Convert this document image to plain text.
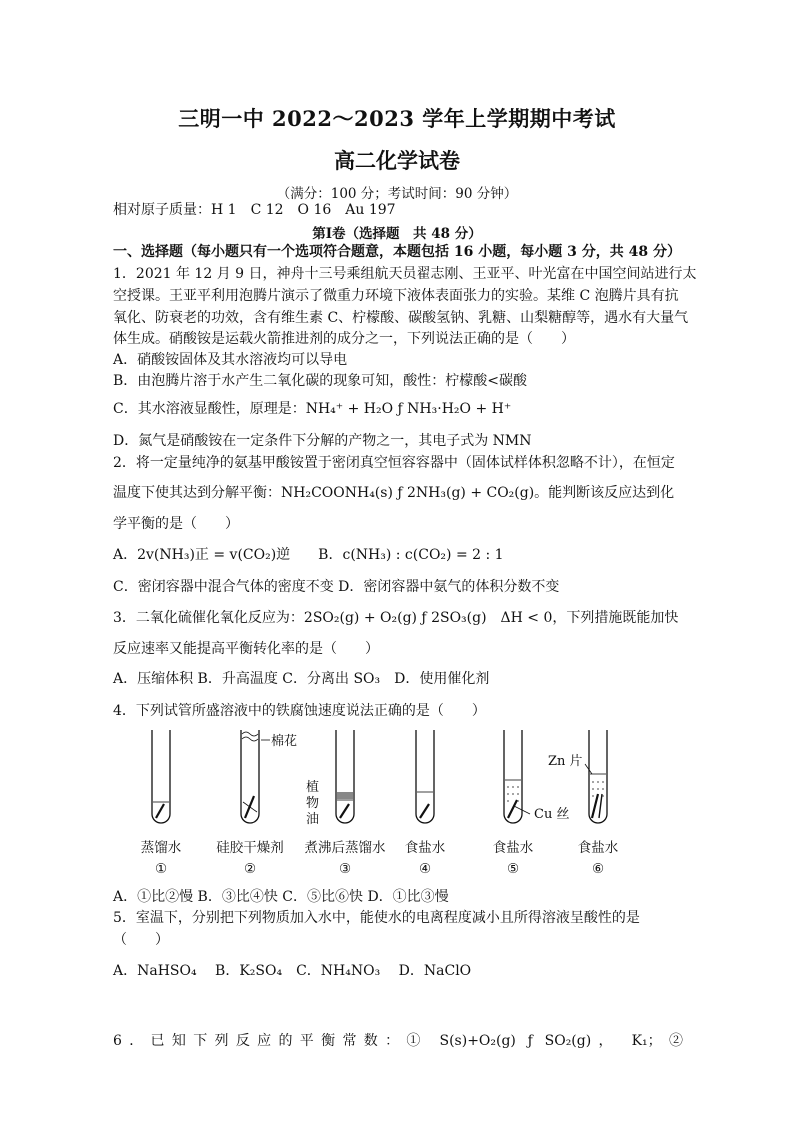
三明一中 2022～2023 学年上学期期中考试
高二化学试卷
（满分：100 分；考试时间：90 分钟）
相对原子质量：H 1　C 12　O 16　Au 197
第Ⅰ卷（选择题　共 48 分）
一、选择题（每小题只有一个选项符合题意，本题包括 16 小题，每小题 3 分，共 48 分）
1．2021 年 12 月 9 日，神舟十三号乘组航天员翟志刚、王亚平、叶光富在中国空间站进行太
空授课。王亚平利用泡腾片演示了微重力环境下液体表面张力的实验。某维 C 泡腾片具有抗
氧化、防衰老的功效，含有维生素 C、柠檬酸、碳酸氢钠、乳糖、山梨糖醇等，遇水有大量气
体生成。硝酸铵是运载火箭推进剂的成分之一，下列说法正确的是（　　）
A．硝酸铵固体及其水溶液均可以导电
B．由泡腾片溶于水产生二氧化碳的现象可知，酸性：柠檬酸<碳酸
C．其水溶液显酸性，原理是：NH₄⁺ + H₂O ƒ NH₃·H₂O + H⁺
D．氮气是硝酸铵在一定条件下分解的产物之一，其电子式为 NMN
2．将一定量纯净的氨基甲酸铵置于密闭真空恒容容器中（固体试样体积忽略不计），在恒定
温度下使其达到分解平衡：NH₂COONH₄(s) ƒ 2NH₃(g) + CO₂(g)。能判断该反应达到化
学平衡的是（　　）
A．2v(NH₃)正 = v(CO₂)逆　　B．c(NH₃) : c(CO₂) = 2 : 1
C．密闭容器中混合气体的密度不变 D．密闭容器中氨气的体积分数不变
3．二氧化硫催化氧化反应为：2SO₂(g) + O₂(g) ƒ 2SO₃(g)　ΔH < 0，下列措施既能加快
反应速率又能提高平衡转化率的是（　　）
A．压缩体积 B．升高温度 C．分离出 SO₃　D．使用催化剂
4．下列试管所盛溶液中的铁腐蚀速度说法正确的是（　　）
棉花
植
物
油
Zn 片
Cu 丝
蒸馏水	硅胶干燥剂 煮沸后蒸馏水 食盐水	食盐水	食盐水
①	②	③	④	⑤	⑥
A．①比②慢 B．③比④快 C．⑤比⑥快 D．①比③慢
5．室温下，分别把下列物质加入水中，能使水的电离程度减小且所得溶液呈酸性的是
（　　）
A．NaHSO₄　 B．K₂SO₄　C．NH₄NO₃　 D．NaClO
6．已知下列反应的平衡常数：① S(s)+O₂(g) ƒ SO₂(g)， K₁；②
